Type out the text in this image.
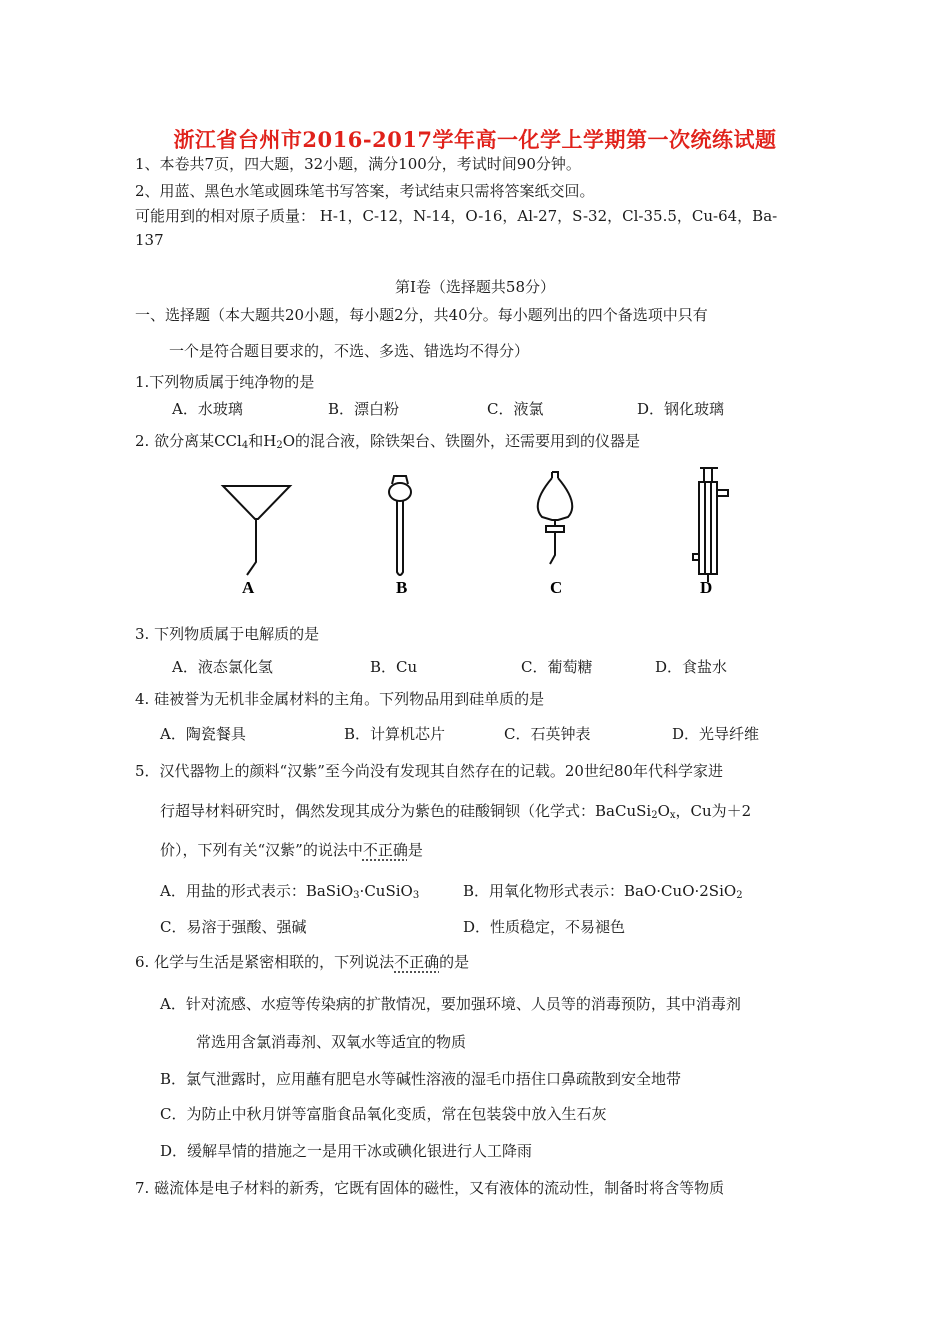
浙江省台州市2016-2017学年高一化学上学期第一次统练试题
1、本卷共7页，四大题，32小题，满分100分，考试时间90分钟。
2、用蓝、黑色水笔或圆珠笔书写答案，考试结束只需将答案纸交回。
可能用到的相对原子质量： H-1，C-12，N-14，O-16，Al-27，S-32，Cl-35.5，Cu-64，Ba-
137
第Ⅰ卷（选择题共58分）
一、选择题（本大题共20小题，每小题2分，共40分。每小题列出的四个备选项中只有
一个是符合题目要求的，不选、多选、错选均不得分）
1.下列物质属于纯净物的是
A．水玻璃	B．漂白粉	C．液氯	D．钢化玻璃
2. 欲分离某CCl$_4$和$H_2O$的混合液，除铁架台、铁圈外，还需要用到的仪器是
A	B	C	D
3. 下列物质属于电解质的是
A．液态氯化氢	B．Cu	C．葡萄糖	D．食盐水
4. 硅被誉为无机非金属材料的主角。下列物品用到硅单质的是
A．陶瓷餐具	B．计算机芯片	C．石英钟表	D．光导纤维
5．汉代器物上的颜料“汉紫”至今尚没有发现其自然存在的记载。20世纪80年代科学家进
行超导材料研究时，偶然发现其成分为紫色的硅酸铜钡（化学式：$BaCuSi_2O_x$，Cu为＋2
价），下列有关“汉紫”的说法中不正确是
A．用盐的形式表示：BaSiO$_3$·CuSiO$_3$	B．用氧化物形式表示：BaO·CuO·2SiO$_2$
C．易溶于强酸、强碱	D．性质稳定，不易褪色
6. 化学与生活是紧密相联的，下列说法不正确的是
A．针对流感、水痘等传染病的扩散情况，要加强环境、人员等的消毒预防，其中消毒剂
常选用含氯消毒剂、双氧水等适宜的物质
B．氯气泄露时，应用蘸有肥皂水等碱性溶液的湿毛巾捂住口鼻疏散到安全地带
C．为防止中秋月饼等富脂食品氧化变质，常在包装袋中放入生石灰
D．缓解旱情的措施之一是用干冰或碘化银进行人工降雨
7. 磁流体是电子材料的新秀，它既有固体的磁性，又有液体的流动性，制备时将含等物质
